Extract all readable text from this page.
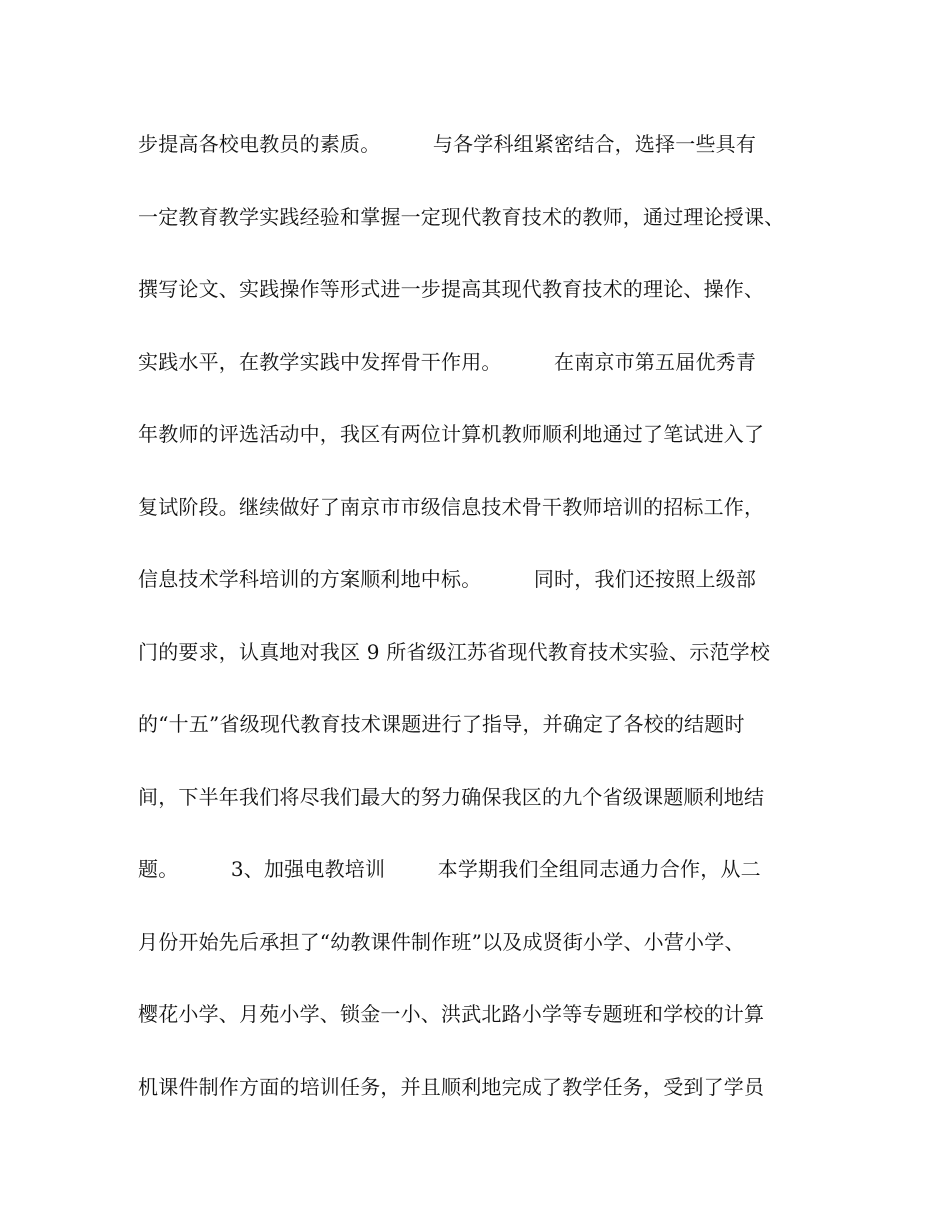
步提高各校电教员的素质。        与各学科组紧密结合，选择一些具有
一定教育教学实践经验和掌握一定现代教育技术的教师，通过理论授课、
撰写论文、实践操作等形式进一步提高其现代教育技术的理论、操作、
实践水平，在教学实践中发挥骨干作用。        在南京市第五届优秀青
年教师的评选活动中，我区有两位计算机教师顺利地通过了笔试进入了
复试阶段。继续做好了南京市市级信息技术骨干教师培训的招标工作，
信息技术学科培训的方案顺利地中标。        同时，我们还按照上级部
门的要求，认真地对我区 9 所省级江苏省现代教育技术实验、示范学校
的“十五”省级现代教育技术课题进行了指导，并确定了各校的结题时
间，下半年我们将尽我们最大的努力确保我区的九个省级课题顺利地结
题。        3、加强电教培训        本学期我们全组同志通力合作，从二
月份开始先后承担了“幼教课件制作班”以及成贤街小学、小营小学、
樱花小学、月苑小学、锁金一小、洪武北路小学等专题班和学校的计算
机课件制作方面的培训任务，并且顺利地完成了教学任务，受到了学员
